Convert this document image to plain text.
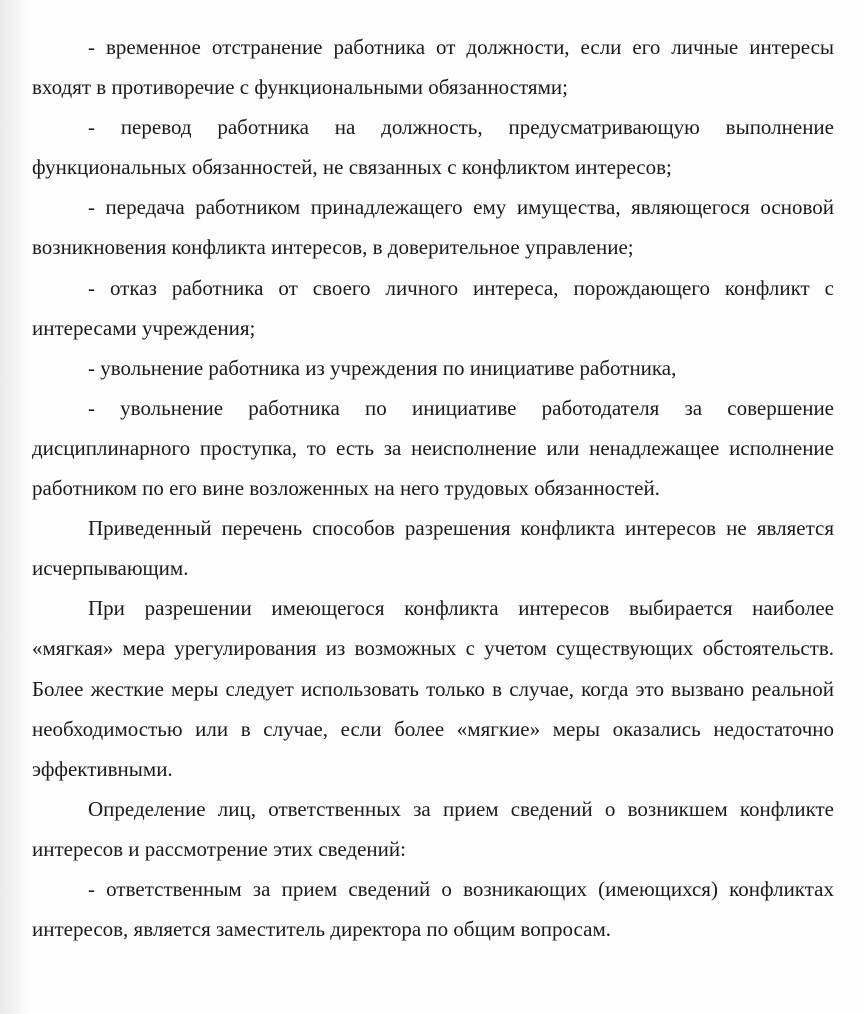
- временное отстранение работника от должности, если его личные интересы входят в противоречие с функциональными обязанностями;

- перевод работника на должность, предусматривающую выполнение функциональных обязанностей, не связанных с конфликтом интересов;

- передача работником принадлежащего ему имущества, являющегося основой возникновения конфликта интересов, в доверительное управление;

- отказ работника от своего личного интереса, порождающего конфликт с интересами учреждения;

- увольнение работника из учреждения по инициативе работника,

- увольнение работника по инициативе работодателя за совершение дисциплинарного проступка, то есть за неисполнение или ненадлежащее исполнение работником по его вине возложенных на него трудовых обязанностей.

Приведенный перечень способов разрешения конфликта интересов не является исчерпывающим.

При разрешении имеющегося конфликта интересов выбирается наиболее «мягкая» мера урегулирования из возможных с учетом существующих обстоятельств. Более жесткие меры следует использовать только в случае, когда это вызвано реальной необходимостью или в случае, если более «мягкие» меры оказались недостаточно эффективными.

Определение лиц, ответственных за прием сведений о возникшем конфликте интересов и рассмотрение этих сведений:

- ответственным за прием сведений о возникающих (имеющихся) конфликтах интересов, является заместитель директора по общим вопросам.
